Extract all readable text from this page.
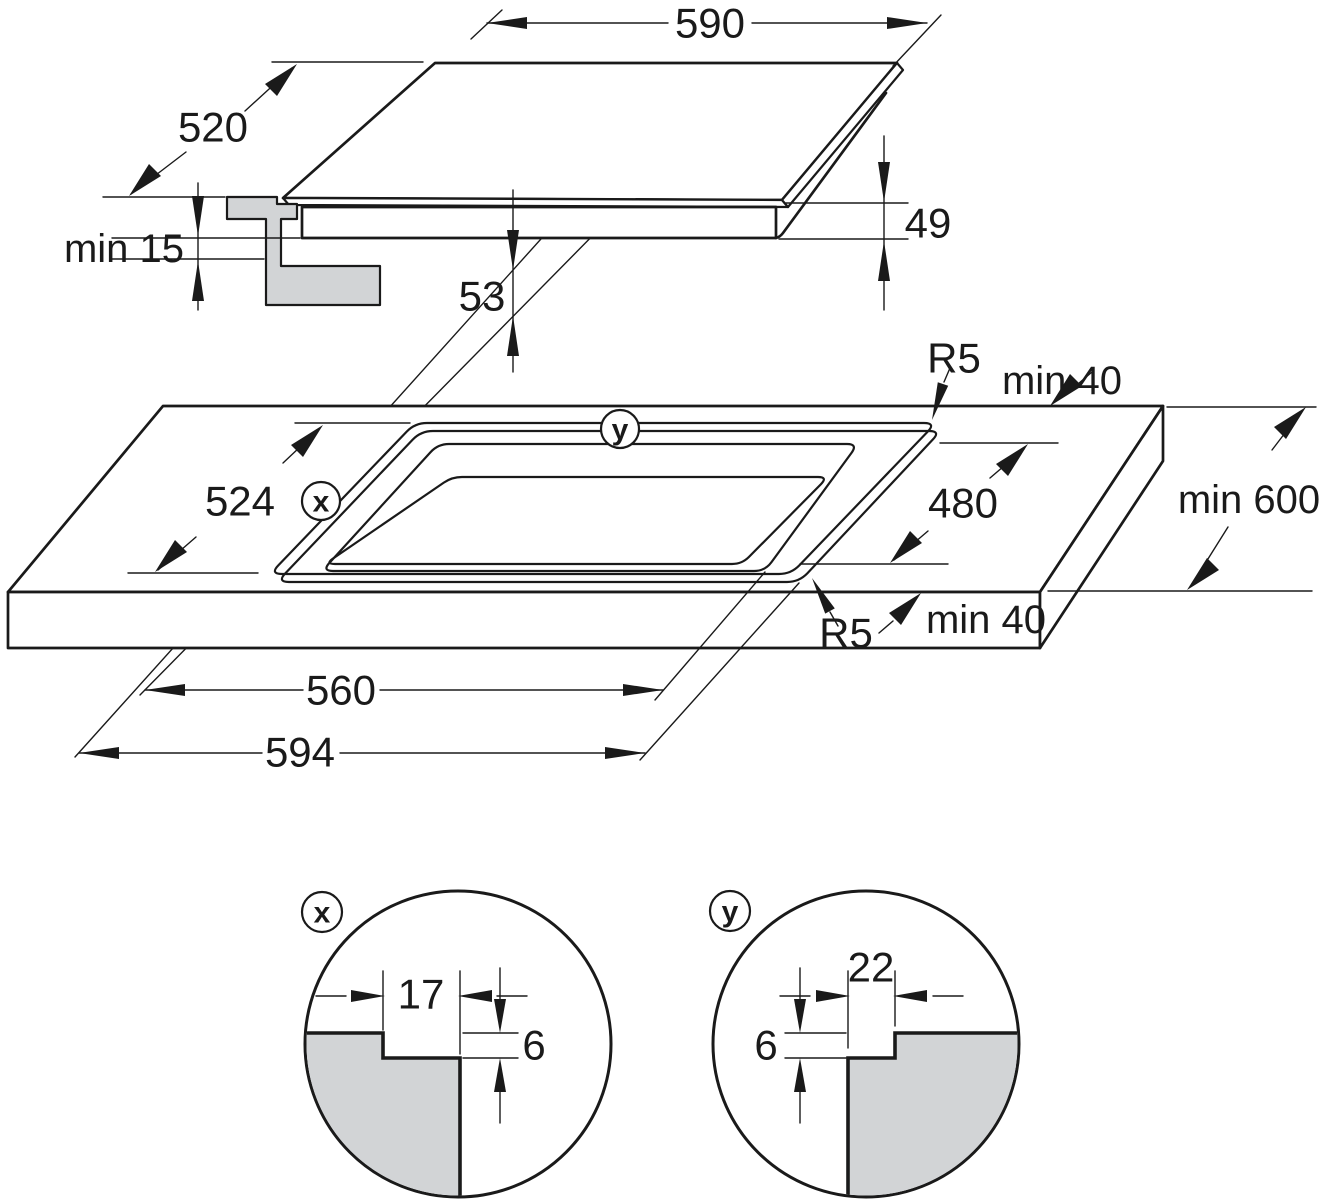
590
520
53
min 15
49
x
y
524	480	min 600
min 40
min 40
R5
R5
560
594
17
6
x
22
6
y
